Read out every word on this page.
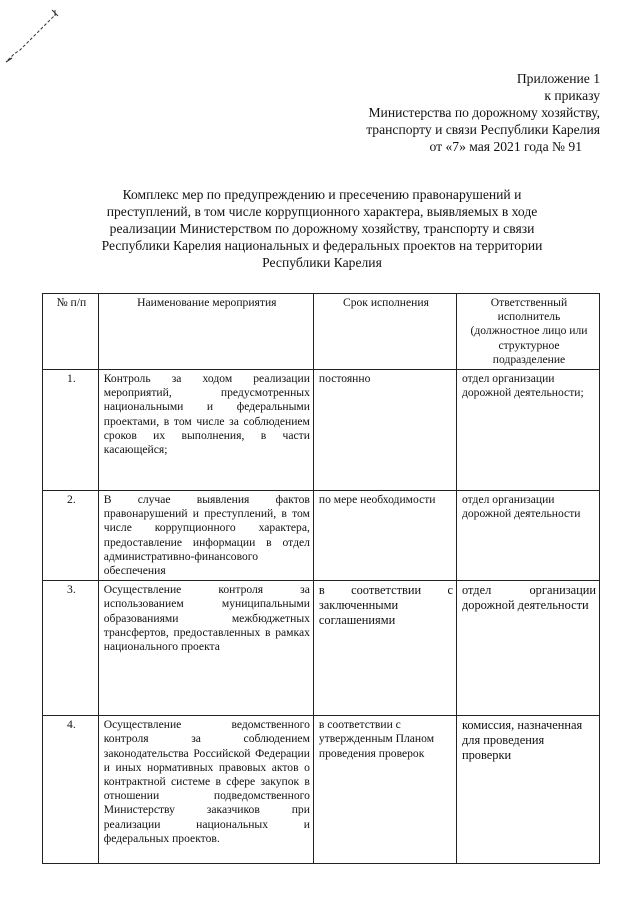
Приложение 1
к приказу
Министерства по дорожному хозяйству,
транспорту и связи Республики Карелия
от «7» мая 2021 года № 91
Комплекс мер по предупреждению и пресечению правонарушений и преступлений, в том числе коррупционного характера, выявляемых в ходе реализации Министерством по дорожному хозяйству, транспорту и связи Республики Карелия национальных и федеральных проектов на территории Республики Карелия
№ п/п	Наименование мероприятия	Срок исполнения	Ответственный исполнитель (должностное лицо или структурное подразделение
1.	Контроль за ходом реализации мероприятий, предусмотренных национальными и федеральными проектами, в том числе за соблюдением сроков их выполнения, в части касающейся;	постоянно	отдел организации дорожной деятельности;
2.	В случае выявления фактов правонарушений и преступлений, в том числе коррупционного характера, предоставление информации в отдел административно-финансового обеспечения	по мере необходимости	отдел организации дорожной деятельности
3.	Осуществление контроля за использованием муниципальными образованиями межбюджетных трансфертов, предоставленных в рамках национального проекта	в соответствии с заключенными соглашениями	отдел организации дорожной деятельности
4.	Осуществление ведомственного контроля за соблюдением законодательства Российской Федерации и иных нормативных правовых актов о контрактной системе в сфере закупок в отношении подведомственного Министерству заказчиков при реализации национальных и федеральных проектов.	в соответствии с утвержденным Планом проведения проверок	комиссия, назначенная для проведения проверки
